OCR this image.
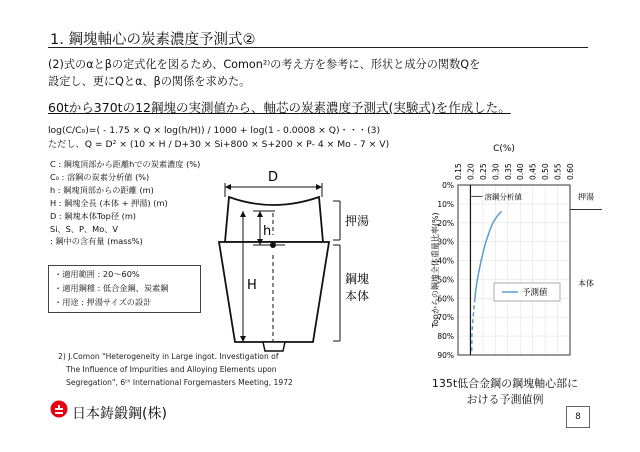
1. 鋼塊軸心の炭素濃度予測式②
(2)式のαとβの定式化を図るため、Comon²⁾の考え方を参考に、形状と成分の関数Qを
設定し、更にQとα、βの関係を求めた。
60tから370tの12鋼塊の実測値から、軸芯の炭素濃度予測式(実験式)を作成した。
log(C/C₀)=( - 1.75 × Q × log(h/H)) / 1000 + log(1 - 0.0008 × Q)・・・(3)
ただし、Q = D² × (10 × H / D+30 × Si+800 × S+200 × P- 4 × Mo - 7 × V)
C : 鋼塊頂部から距離hでの炭素濃度 (%)
C₀ : 溶鋼の炭素分析値 (%)
h : 鋼塊頂部からの距離 (m)
H : 鋼塊全長 (本体 + 押湯) (m)
D : 鋼塊本体Top径 (m)
Si、S、P、Mo、V
: 鋼中の含有量 (mass%)
・適用範囲 : 20～60%
・適用鋼種 : 低合金鋼、炭素鋼
・用途 : 押湯サイズの設計
2) J.Comon "Heterogeneity in Large ingot. Investigation of
The Influence of Impurities and Alloying Elements upon
Segregation", 6ᵗʰ International Forgemasters Meeting, 1972
D
h
H
押湯
鋼塊
本体
C(%)
0.15 0.20 0.25 0.30 0.35 0.40 0.45 0.50 0.55 0.60
0%
10%
20%
30%
40%
50%
60%
70%
80%
90%
押湯
本体
溶鋼分析値
予測値
Topからの鋼塊全体重量比率(%)
135t低合金鋼の鋼塊軸心部に
おける予測値例
日本鋳鍛鋼(株)	8
